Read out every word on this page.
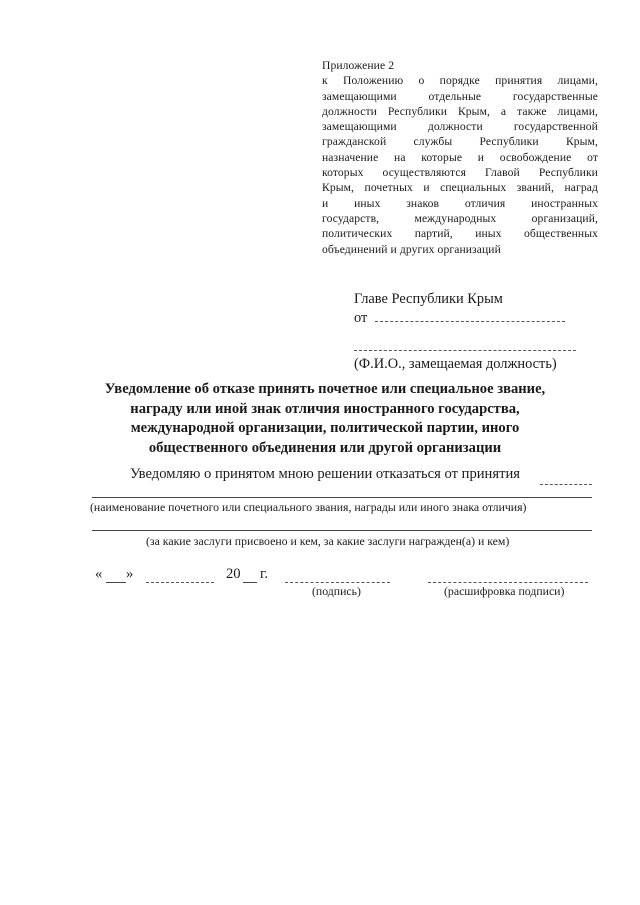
Приложение 2
к Положению о порядке принятия лицами,
замещающими отдельные государственные
должности Республики Крым, а также лицами,
замещающими должности государственной
гражданской службы Республики Крым,
назначение на которые и освобождение от
которых осуществляются Главой Республики
Крым, почетных и специальных званий, наград
и иных знаков отличия иностранных
государств, международных организаций,
политических партий, иных общественных
объединений и других организаций
Главе Республики Крым
от
(Ф.И.О., замещаемая должность)
Уведомление об отказе принять почетное или специальное звание,
награду или иной знак отличия иностранного государства,
международной организации, политической партии, иного
общественного объединения или другой организации
Уведомляю о принятом мною решении отказаться от принятия
(наименование почетного или специального звания, награды или иного знака отличия)
(за какие заслуги присвоено и кем, за какие заслуги награжден(а) и кем)
« »	20 г.
(подпись)	(расшифровка подписи)
